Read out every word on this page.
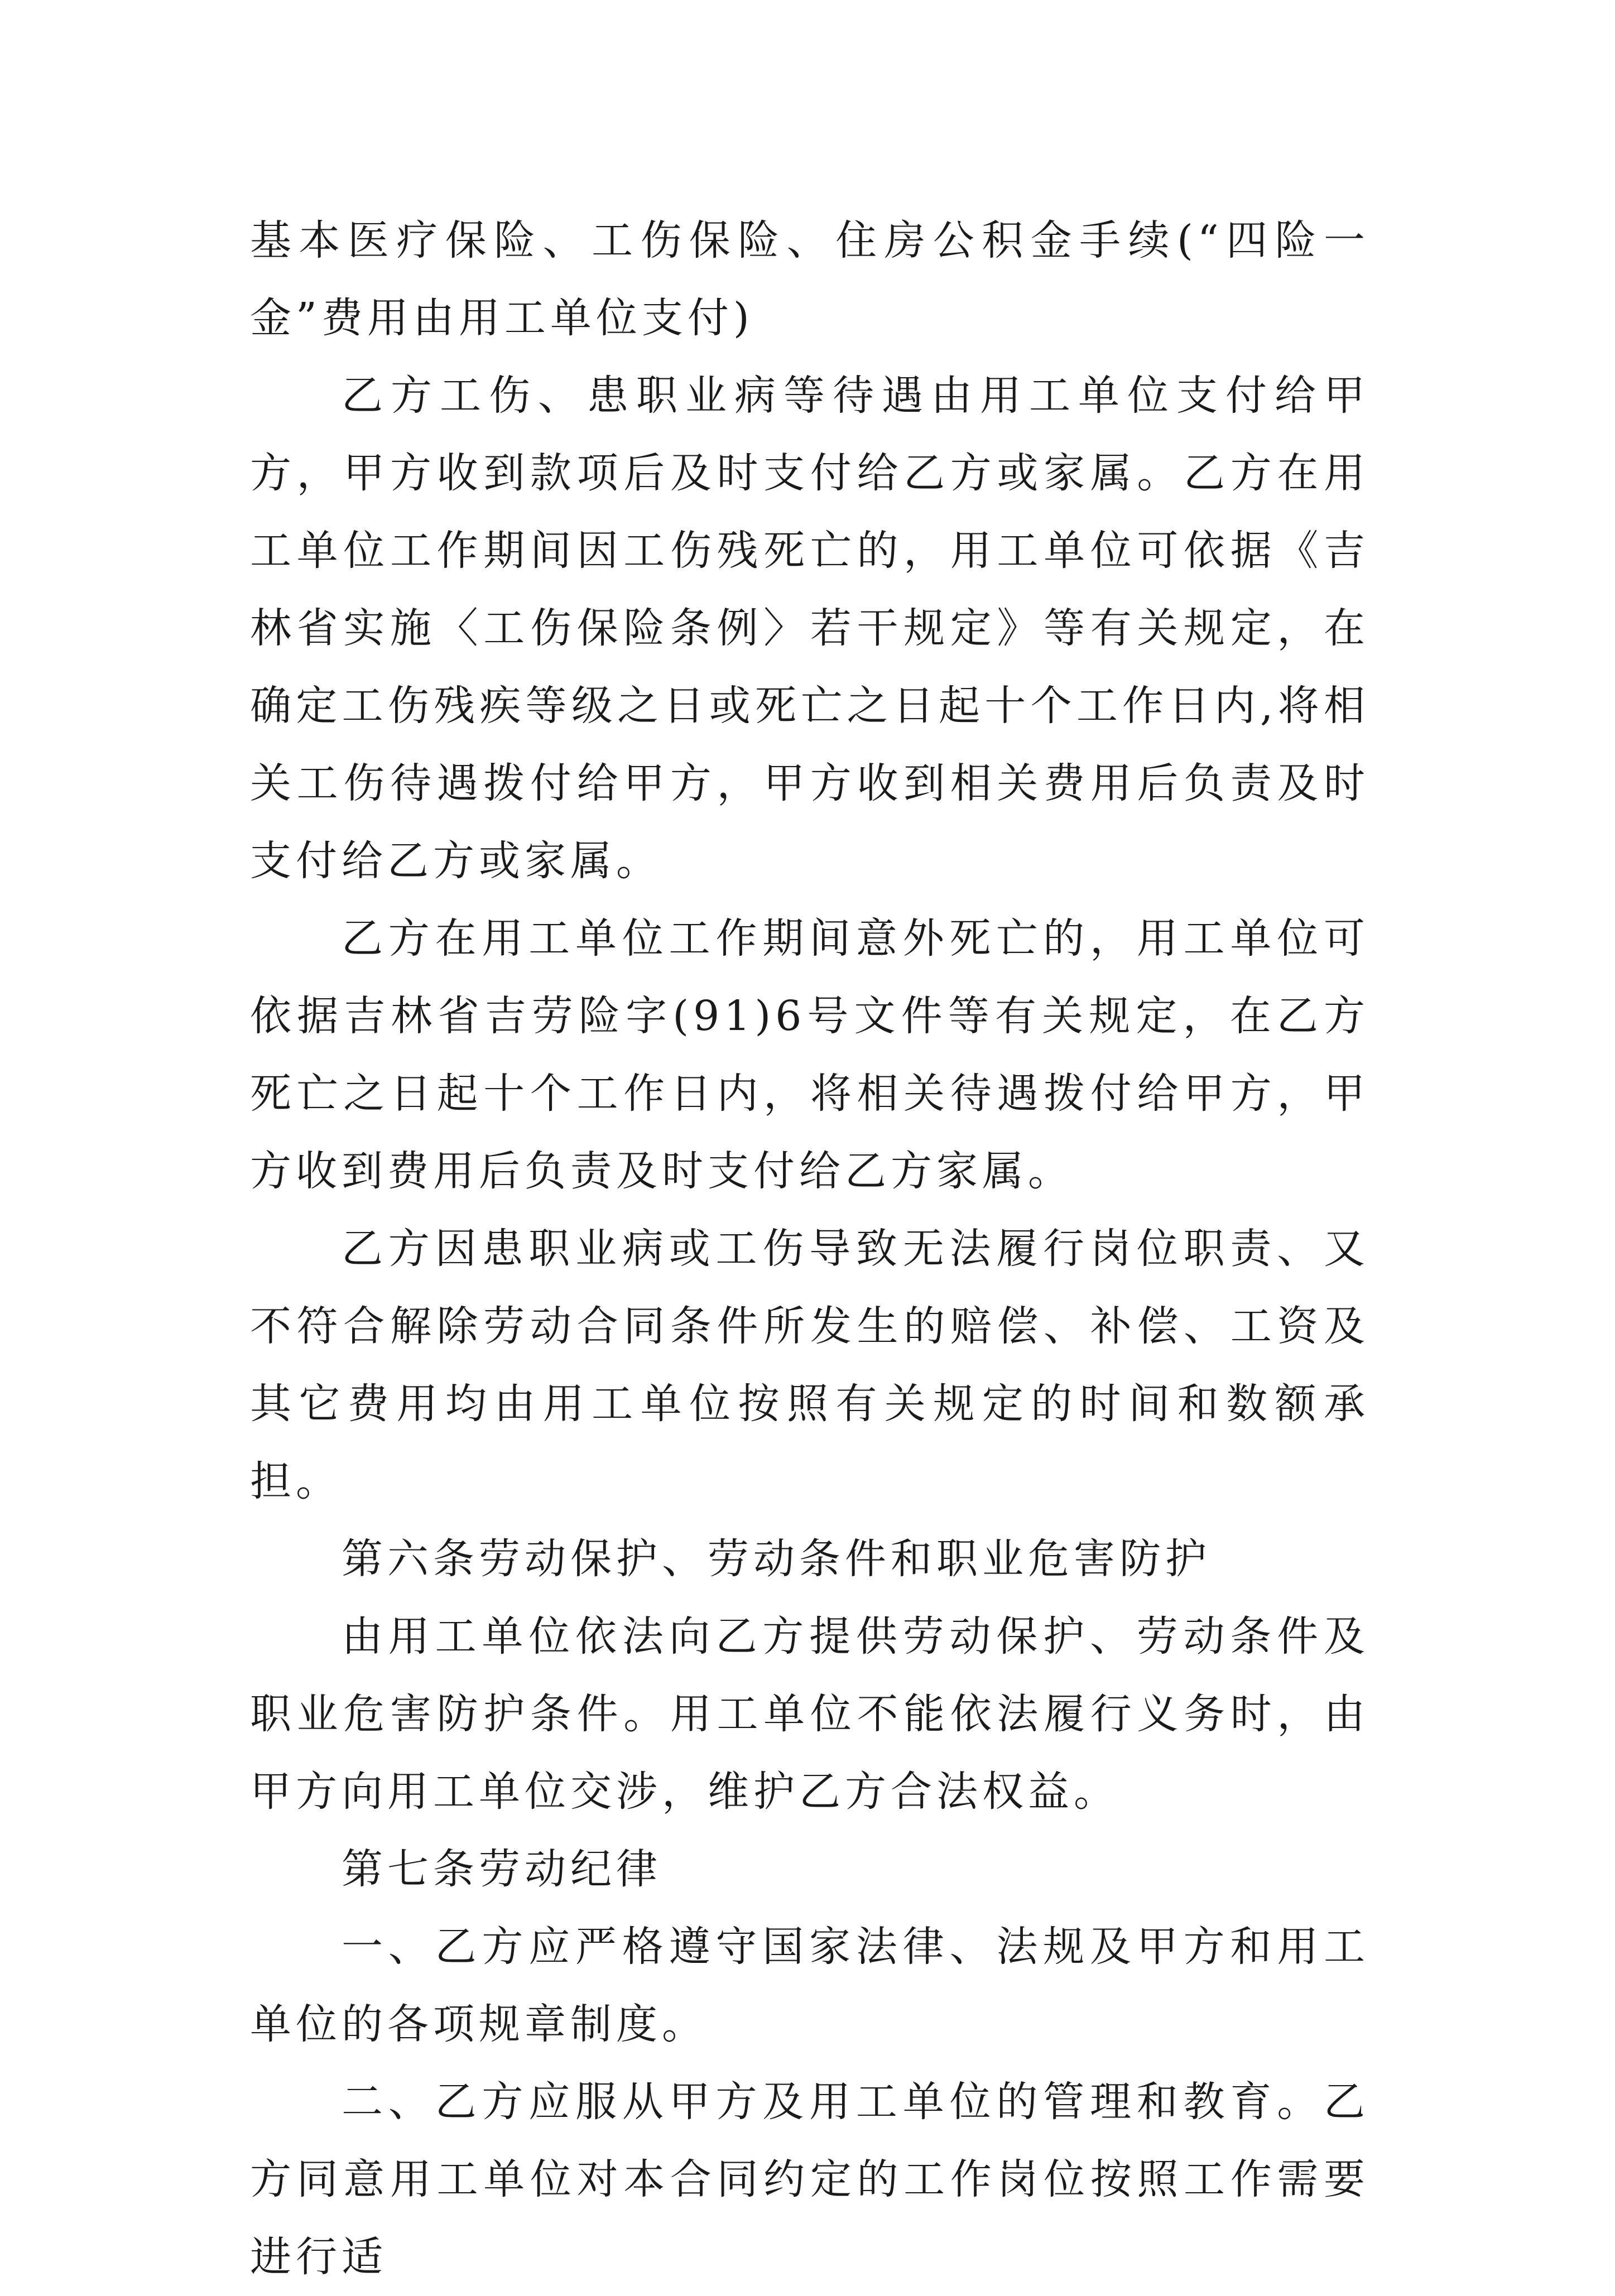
基本医疗保险、工伤保险、住房公积金手续(“四险一金”费用由用工单位支付)

乙方工伤、患职业病等待遇由用工单位支付给甲方，甲方收到款项后及时支付给乙方或家属。乙方在用工单位工作期间因工伤残死亡的，用工单位可依据《吉林省实施〈工伤保险条例〉若干规定》等有关规定，在确定工伤残疾等级之日或死亡之日起十个工作日内,将相关工伤待遇拨付给甲方，甲方收到相关费用后负责及时支付给乙方或家属。

乙方在用工单位工作期间意外死亡的，用工单位可依据吉林省吉劳险字(91)6号文件等有关规定，在乙方死亡之日起十个工作日内，将相关待遇拨付给甲方，甲方收到费用后负责及时支付给乙方家属。

乙方因患职业病或工伤导致无法履行岗位职责、又不符合解除劳动合同条件所发生的赔偿、补偿、工资及其它费用均由用工单位按照有关规定的时间和数额承担。

第六条劳动保护、劳动条件和职业危害防护

由用工单位依法向乙方提供劳动保护、劳动条件及职业危害防护条件。用工单位不能依法履行义务时，由甲方向用工单位交涉，维护乙方合法权益。

第七条劳动纪律

一、乙方应严格遵守国家法律、法规及甲方和用工单位的各项规章制度。

二、乙方应服从甲方及用工单位的管理和教育。乙方同意用工单位对本合同约定的工作岗位按照工作需要进行适
